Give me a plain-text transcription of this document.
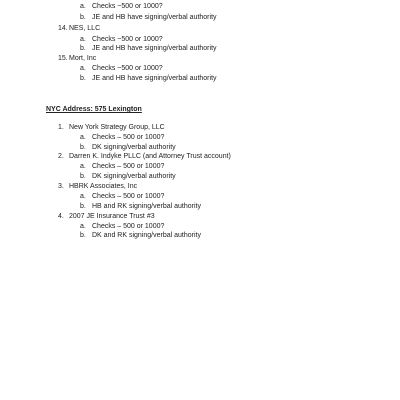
a. Checks ~500 or 1000?
b. JE and HB have signing/verbal authority
14. NES, LLC
a. Checks ~500 or 1000?
b. JE and HB have signing/verbal authority
15. Mort, Inc
a. Checks ~500 or 1000?
b. JE and HB have signing/verbal authority
NYC Address: 575 Lexington
1. New York Strategy Group, LLC
a. Checks – 500 or 1000?
b. DK signing/verbal authority
2. Darren K. Indyke PLLC (and Attorney Trust account)
a. Checks – 500 or 1000?
b. DK signing/verbal authority
3. HBRK Associates, Inc
a. Checks – 500 or 1000?
b. HB and RK signing/verbal authority
4. 2007 JE Insurance Trust #3
a. Checks – 500 or 1000?
b. DK and RK signing/verbal authority
